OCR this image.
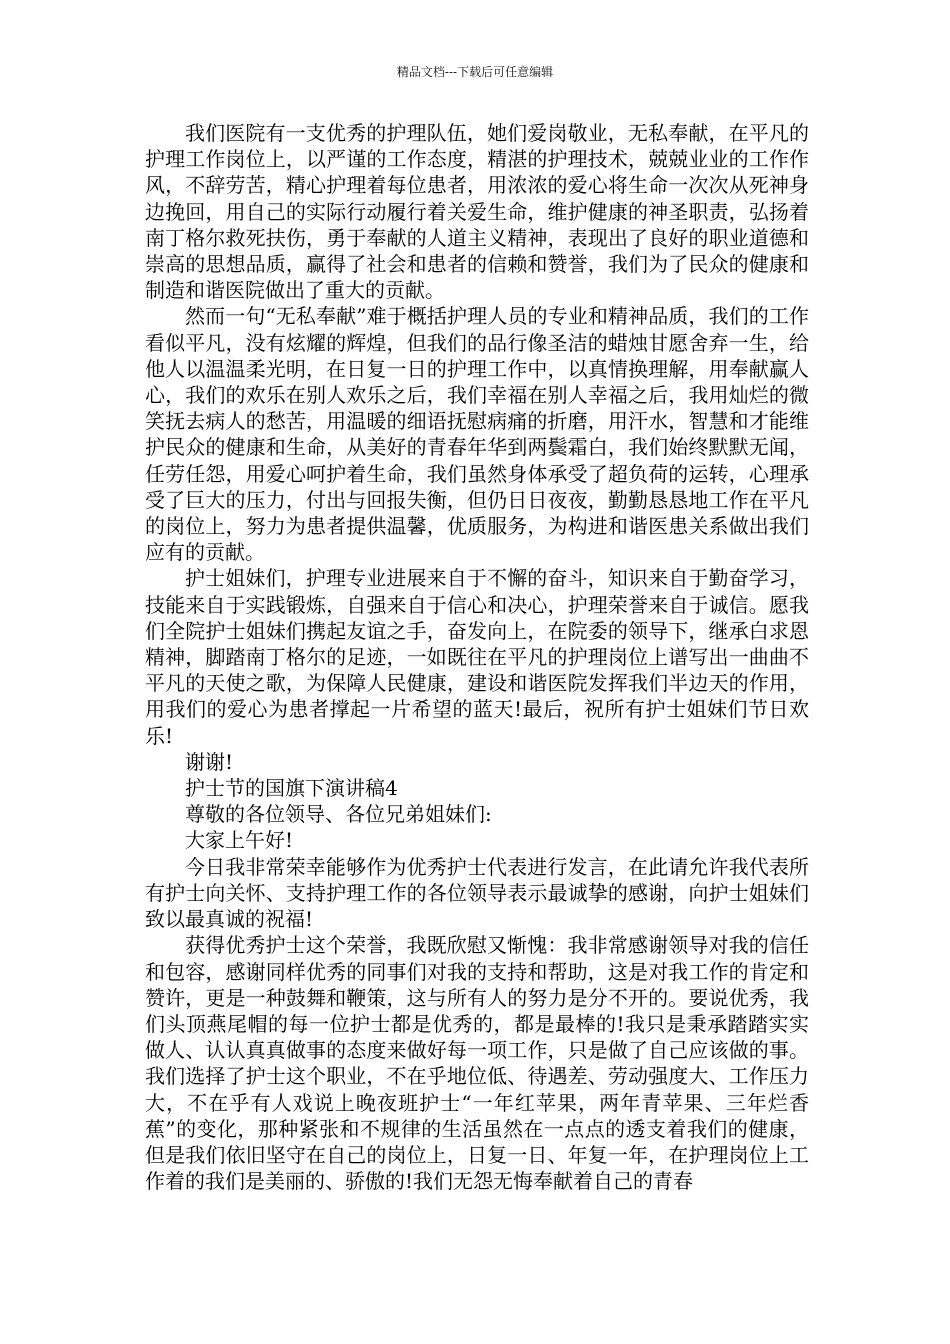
精品文档---下载后可任意编辑

我们医院有一支优秀的护理队伍，她们爱岗敬业，无私奉献，在平凡的护理工作岗位上，以严谨的工作态度，精湛的护理技术，兢兢业业的工作作风，不辞劳苦，精心护理着每位患者，用浓浓的爱心将生命一次次从死神身边挽回，用自己的实际行动履行着关爱生命，维护健康的神圣职责，弘扬着南丁格尔救死扶伤，勇于奉献的人道主义精神，表现出了良好的职业道德和崇高的思想品质，赢得了社会和患者的信赖和赞誉，我们为了民众的健康和制造和谐医院做出了重大的贡献。

然而一句“无私奉献”难于概括护理人员的专业和精神品质，我们的工作看似平凡，没有炫耀的辉煌，但我们的品行像圣洁的蜡烛甘愿舍弃一生，给他人以温温柔光明，在日复一日的护理工作中，以真情换理解，用奉献赢人心，我们的欢乐在别人欢乐之后，我们幸福在别人幸福之后，我用灿烂的微笑抚去病人的愁苦，用温暖的细语抚慰病痛的折磨，用汗水，智慧和才能维护民众的健康和生命，从美好的青春年华到两鬓霜白，我们始终默默无闻，任劳任怨，用爱心呵护着生命，我们虽然身体承受了超负荷的运转，心理承受了巨大的压力，付出与回报失衡，但仍日日夜夜，勤勤恳恳地工作在平凡的岗位上，努力为患者提供温馨，优质服务，为构进和谐医患关系做出我们应有的贡献。

护士姐妹们，护理专业进展来自于不懈的奋斗，知识来自于勤奋学习，技能来自于实践锻炼，自强来自于信心和决心，护理荣誉来自于诚信。愿我们全院护士姐妹们携起友谊之手，奋发向上，在院委的领导下，继承白求恩精神，脚踏南丁格尔的足迹，一如既往在平凡的护理岗位上谱写出一曲曲不平凡的天使之歌，为保障人民健康，建设和谐医院发挥我们半边天的作用，用我们的爱心为患者撑起一片希望的蓝天!最后，祝所有护士姐妹们节日欢乐!

谢谢!

护士节的国旗下演讲稿4

尊敬的各位领导、各位兄弟姐妹们:

大家上午好!

今日我非常荣幸能够作为优秀护士代表进行发言，在此请允许我代表所有护士向关怀、支持护理工作的各位领导表示最诚挚的感谢，向护士姐妹们致以最真诚的祝福!

获得优秀护士这个荣誉，我既欣慰又惭愧：我非常感谢领导对我的信任和包容，感谢同样优秀的同事们对我的支持和帮助，这是对我工作的肯定和赞许，更是一种鼓舞和鞭策，这与所有人的努力是分不开的。要说优秀，我们头顶燕尾帽的每一位护士都是优秀的，都是最棒的!我只是秉承踏踏实实做人、认认真真做事的态度来做好每一项工作，只是做了自己应该做的事。我们选择了护士这个职业，不在乎地位低、待遇差、劳动强度大、工作压力大，不在乎有人戏说上晚夜班护士“一年红苹果，两年青苹果、三年烂香蕉”的变化，那种紧张和不规律的生活虽然在一点点的透支着我们的健康，但是我们依旧坚守在自己的岗位上，日复一日、年复一年，在护理岗位上工作着的我们是美丽的、骄傲的!我们无怨无悔奉献着自己的青春
